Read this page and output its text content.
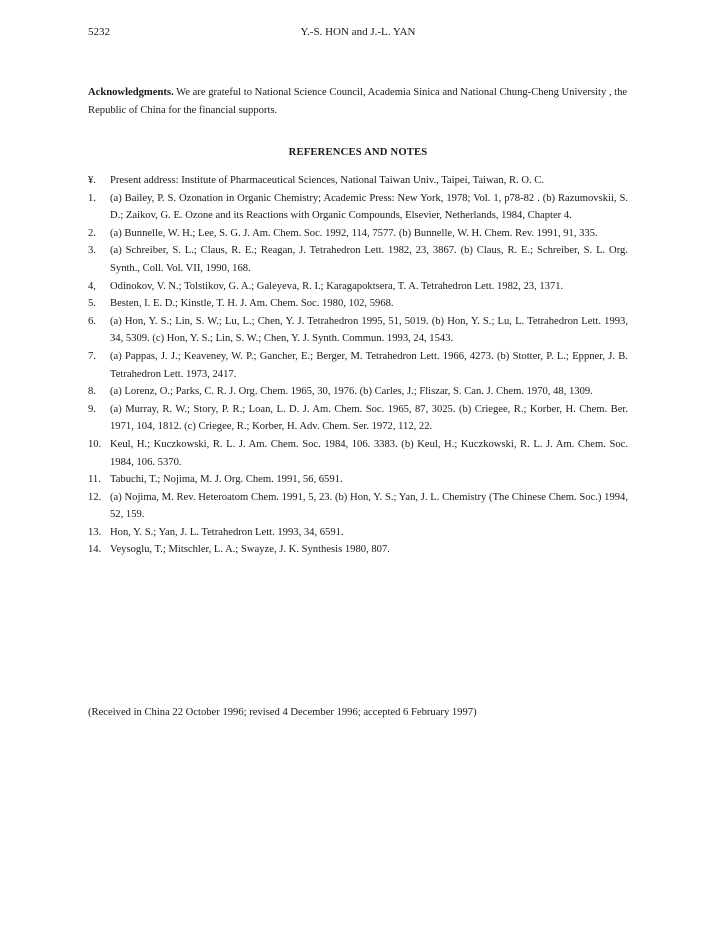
5232	Y.-S. HON and J.-L. YAN
Acknowledgments. We are grateful to National Science Council, Academia Sinica and National Chung-Cheng University , the Republic of China for the financial supports.
REFERENCES AND NOTES
¥.	Present address: Institute of Pharmaceutical Sciences, National Taiwan Univ., Taipei, Taiwan, R. O. C.
1.	(a) Bailey, P. S. Ozonation in Organic Chemistry; Academic Press: New York, 1978; Vol. 1, p78-82 . (b) Razumovskii, S. D.; Zaikov, G. E. Ozone and its Reactions with Organic Compounds, Elsevier, Netherlands, 1984, Chapter 4.
2.	(a) Bunnelle, W. H.; Lee, S. G. J. Am. Chem. Soc. 1992, 114, 7577. (b) Bunnelle, W. H. Chem. Rev. 1991, 91, 335.
3.	(a) Schreiber, S. L.; Claus, R. E.; Reagan, J. Tetrahedron Lett. 1982, 23, 3867. (b) Claus, R. E.; Schreiber, S. L. Org. Synth., Coll. Vol. VII, 1990, 168.
4,	Odinokov, V. N.; Tolstikov, G. A.; Galeyeva, R. I.; Karagapoktsera, T. A. Tetrahedron Lett. 1982, 23, 1371.
5.	Besten, I. E. D.; Kinstle, T. H. J. Am. Chem. Soc. 1980, 102, 5968.
6.	(a) Hon, Y. S.; Lin, S. W.; Lu, L.; Chen, Y. J. Tetrahedron 1995, 51, 5019. (b) Hon, Y. S.; Lu, L. Tetrahedron Lett. 1993, 34, 5309. (c) Hon, Y. S.; Lin, S. W.; Chen, Y. J. Synth. Commun. 1993, 24, 1543.
7.	(a) Pappas, J. J.; Keaveney, W. P.; Gancher, E.; Berger, M. Tetrahedron Lett. 1966, 4273. (b) Stotter, P. L.; Eppner, J. B. Tetrahedron Lett. 1973, 2417.
8.	(a) Lorenz, O.; Parks, C. R. J. Org. Chem. 1965, 30, 1976. (b) Carles, J.; Fliszar, S. Can. J. Chem. 1970, 48, 1309.
9.	(a) Murray, R. W.; Story, P. R.; Loan, L. D. J. Am. Chem. Soc. 1965, 87, 3025. (b) Criegee, R.; Korber, H. Chem. Ber. 1971, 104, 1812. (c) Criegee, R.; Korber, H. Adv. Chem. Ser. 1972, 112, 22.
10. Keul, H.; Kuczkowski, R. L. J. Am. Chem. Soc. 1984, 106. 3383. (b) Keul, H.; Kuczkowski, R. L. J. Am. Chem. Soc. 1984, 106. 5370.
11. Tabuchi, T.; Nojima, M. J. Org. Chem. 1991, 56, 6591.
12. (a) Nojima, M. Rev. Heteroatom Chem. 1991, 5, 23. (b) Hon, Y. S.; Yan, J. L. Chemistry (The Chinese Chem. Soc.) 1994, 52, 159.
13. Hon, Y. S.; Yan, J. L. Tetrahedron Lett. 1993, 34, 6591.
14. Veysoglu, T.; Mitschler, L. A.; Swayze, J. K. Synthesis 1980, 807.
(Received in China 22 October 1996; revised 4 December 1996; accepted 6 February 1997)
